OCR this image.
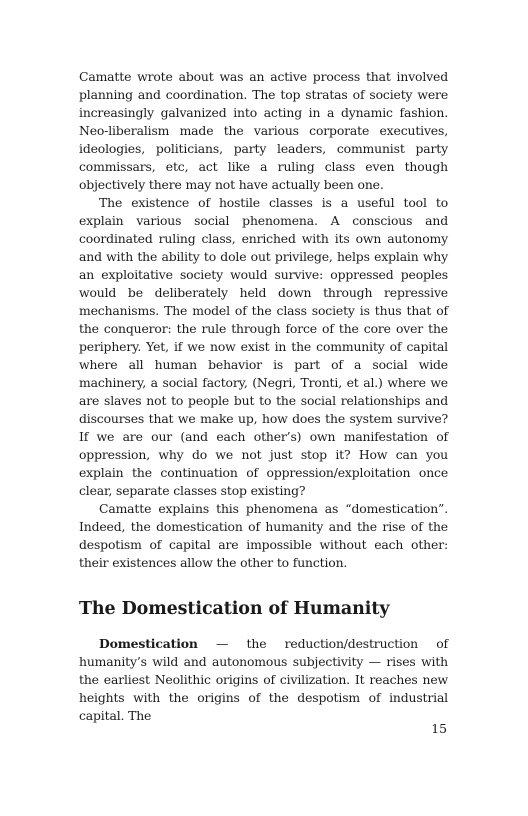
Camatte wrote about was an active process that involved planning and coordination. The top stratas of society were increasingly galvanized into acting in a dynamic fashion. Neo-liberalism made the various corporate executives, ideologies, politicians, party leaders, communist party commissars, etc, act like a ruling class even though objectively there may not have actually been one.

The existence of hostile classes is a useful tool to explain various social phenomena. A conscious and coordinated ruling class, enriched with its own autonomy and with the ability to dole out privilege, helps explain why an exploitative society would survive: oppressed peoples would be deliberately held down through repressive mechanisms. The model of the class society is thus that of the conqueror: the rule through force of the core over the periphery. Yet, if we now exist in the community of capital where all human behavior is part of a social wide machinery, a social factory, (Negri, Tronti, et al.) where we are slaves not to people but to the social relationships and discourses that we make up, how does the system survive? If we are our (and each other’s) own manifestation of oppression, why do we not just stop it? How can you explain the continuation of oppression/exploitation once clear, separate classes stop existing?

Camatte explains this phenomena as “domestication”. Indeed, the domestication of humanity and the rise of the despotism of capital are impossible without each other: their existences allow the other to function.

The Domestication of Humanity

Domestication — the reduction/destruction of humanity’s wild and autonomous subjectivity — rises with the earliest Neolithic origins of civilization. It reaches new heights with the origins of the despotism of industrial capital. The

15
